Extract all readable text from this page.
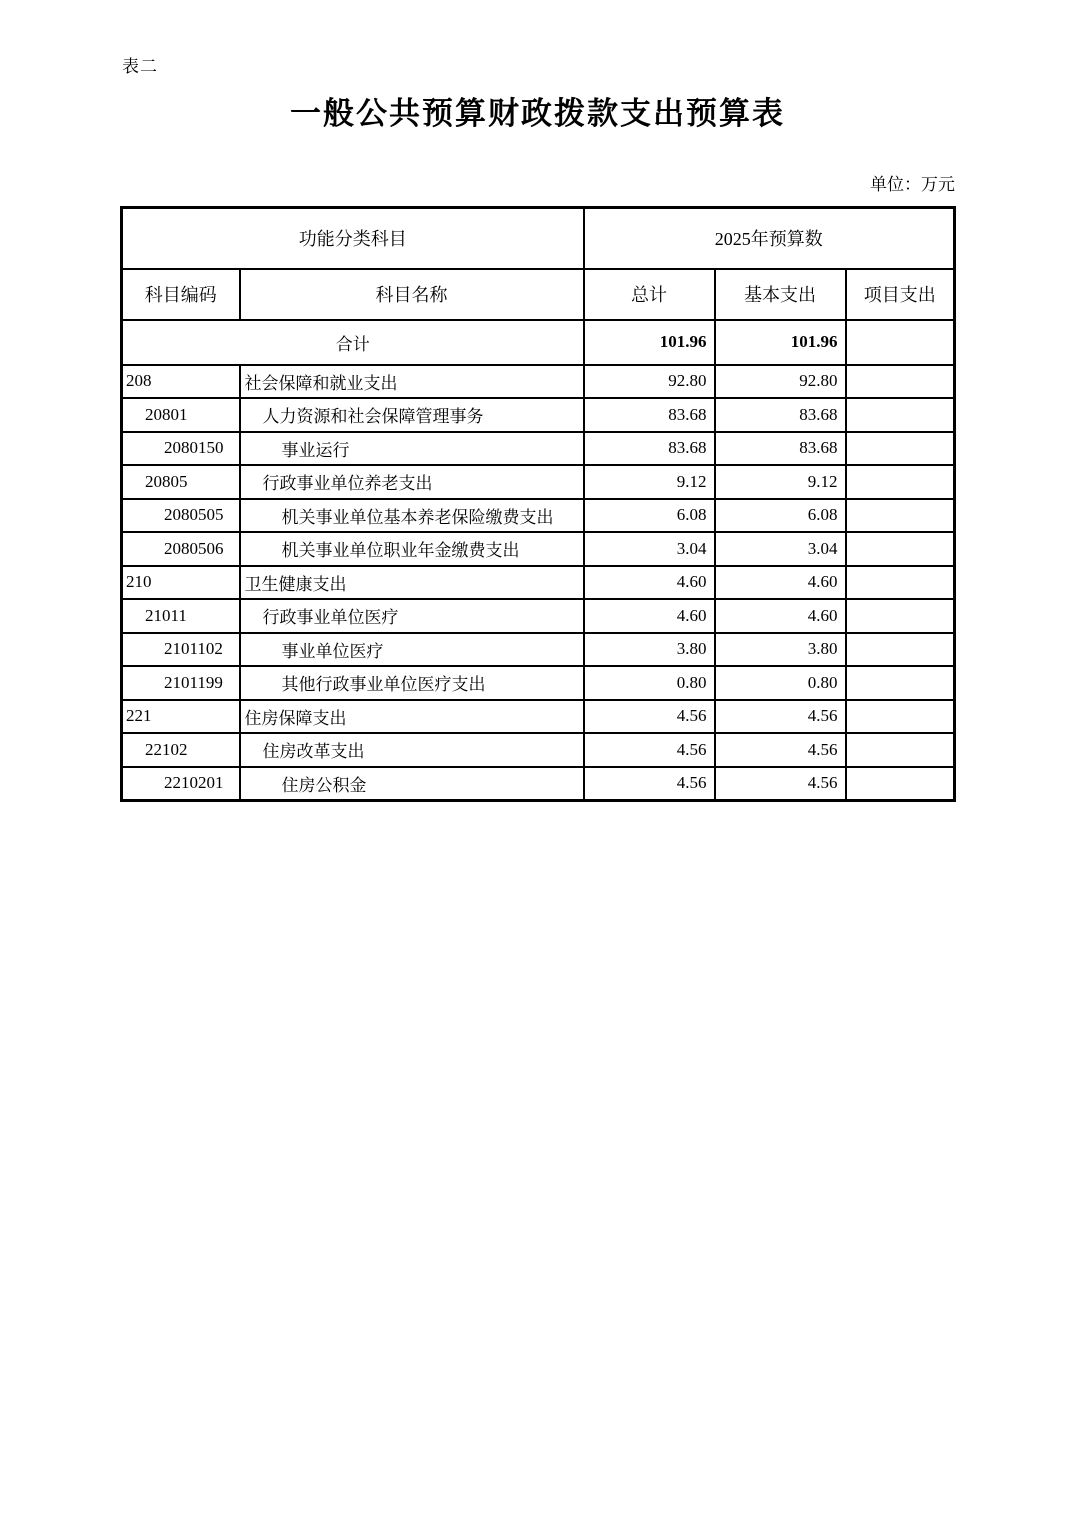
表二
一般公共预算财政拨款支出预算表
单位：万元
功能分类科目		2025年预算数		
科目编码	科目名称	总计	基本支出	项目支出
合计		101.96	101.96	
208	社会保障和就业支出	92.80	92.80	
20801	人力资源和社会保障管理事务	83.68	83.68	
2080150	事业运行	83.68	83.68	
20805	行政事业单位养老支出	9.12	9.12	
2080505	机关事业单位基本养老保险缴费支出	6.08	6.08	
2080506	机关事业单位职业年金缴费支出	3.04	3.04	
210	卫生健康支出	4.60	4.60	
21011	行政事业单位医疗	4.60	4.60	
2101102	事业单位医疗	3.80	3.80	
2101199	其他行政事业单位医疗支出	0.80	0.80	
221	住房保障支出	4.56	4.56	
22102	住房改革支出	4.56	4.56	
2210201	住房公积金	4.56	4.56	
